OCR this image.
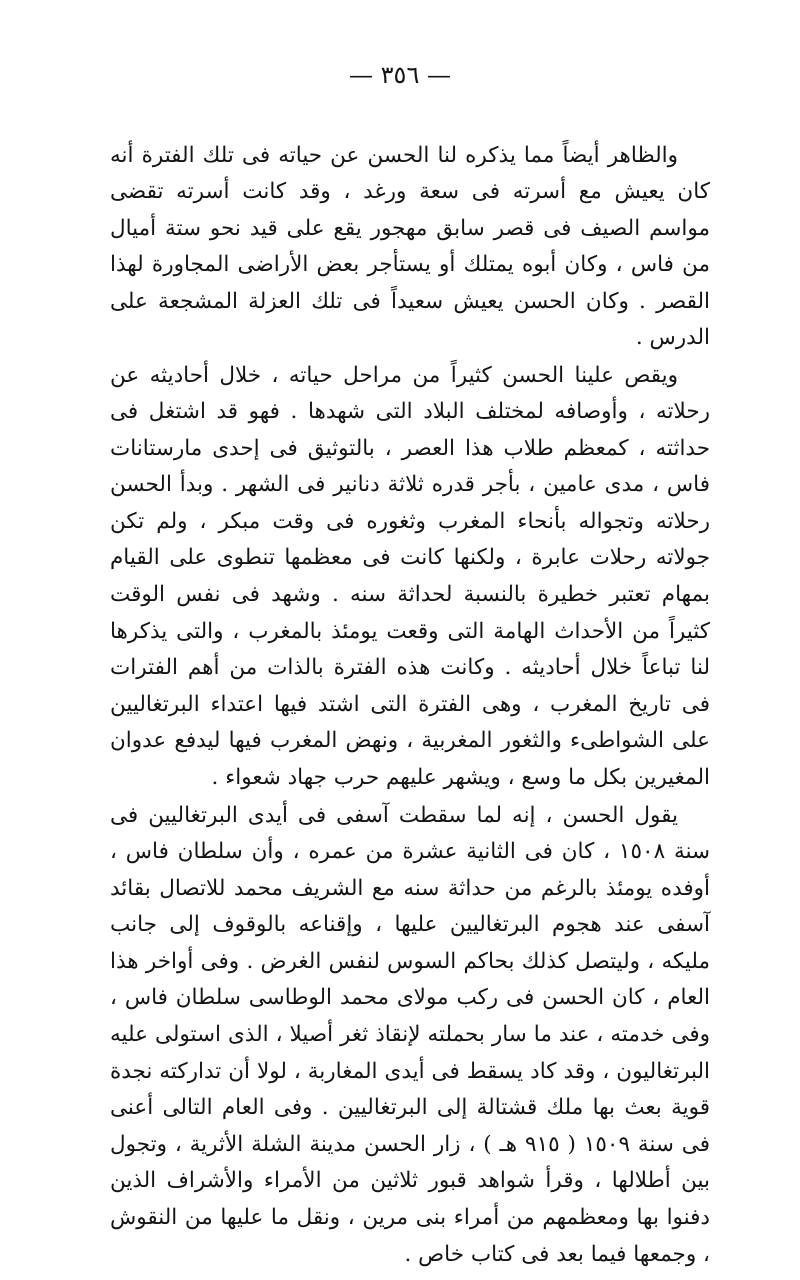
— ٣٥٦ —

والظاهر أيضاً مما يذكره لنا الحسن عن حياته فى تلك الفترة أنه كان يعيش مع أسرته فى سعة ورغد ، وقد كانت أسرته تقضى مواسم الصيف فى قصر سابق مهجور يقع على قيد نحو ستة أميال من فاس ، وكان أبوه يمتلك أو يستأجر بعض الأراضى المجاورة لهذا القصر . وكان الحسن يعيش سعيداً فى تلك العزلة المشجعة على الدرس .

ويقص علينا الحسن كثيراً من مراحل حياته ، خلال أحاديثه عن رحلاته ، وأوصافه لمختلف البلاد التى شهدها . فهو قد اشتغل فى حداثته ، كمعظم طلاب هذا العصر ، بالتوثيق فى إحدى مارستانات فاس ، مدى عامين ، بأجر قدره ثلاثة دنانير فى الشهر . وبدأ الحسن رحلاته وتجواله بأنحاء المغرب وثغوره فى وقت مبكر ، ولم تكن جولاته رحلات عابرة ، ولكنها كانت فى معظمها تنطوى على القيام بمهام تعتبر خطيرة بالنسبة لحداثة سنه . وشهد فى نفس الوقت كثيراً من الأحداث الهامة التى وقعت يومئذ بالمغرب ، والتى يذكرها لنا تباعاً خلال أحاديثه . وكانت هذه الفترة بالذات من أهم الفترات فى تاريخ المغرب ، وهى الفترة التى اشتد فيها اعتداء البرتغاليين على الشواطىء والثغور المغربية ، ونهض المغرب فيها ليدفع عدوان المغيرين بكل ما وسع ، ويشهر عليهم حرب جهاد شعواء .

يقول الحسن ، إنه لما سقطت آسفى فى أيدى البرتغاليين فى سنة ١٥٠٨ ، كان فى الثانية عشرة من عمره ، وأن سلطان فاس ، أوفده يومئذ بالرغم من حداثة سنه مع الشريف محمد للاتصال بقائد آسفى عند هجوم البرتغاليين عليها ، وإقناعه بالوقوف إلى جانب مليكه ، وليتصل كذلك بحاكم السوس لنفس الغرض . وفى أواخر هذا العام ، كان الحسن فى ركب مولاى محمد الوطاسى سلطان فاس ، وفى خدمته ، عند ما سار بحملته لإنقاذ ثغر أصيلا ، الذى استولى عليه البرتغاليون ، وقد كاد يسقط فى أيدى المغاربة ، لولا أن تداركته نجدة قوية بعث بها ملك قشتالة إلى البرتغاليين . وفى العام التالى أعنى فى سنة ١٥٠٩ ( ٩١٥ هـ ) ، زار الحسن مدينة الشلة الأثرية ، وتجول بين أطلالها ، وقرأ شواهد قبور ثلاثين من الأمراء والأشراف الذين دفنوا بها ومعظمهم من أمراء بنى مرين ، ونقل ما عليها من النقوش ، وجمعها فيما بعد فى كتاب خاص .
